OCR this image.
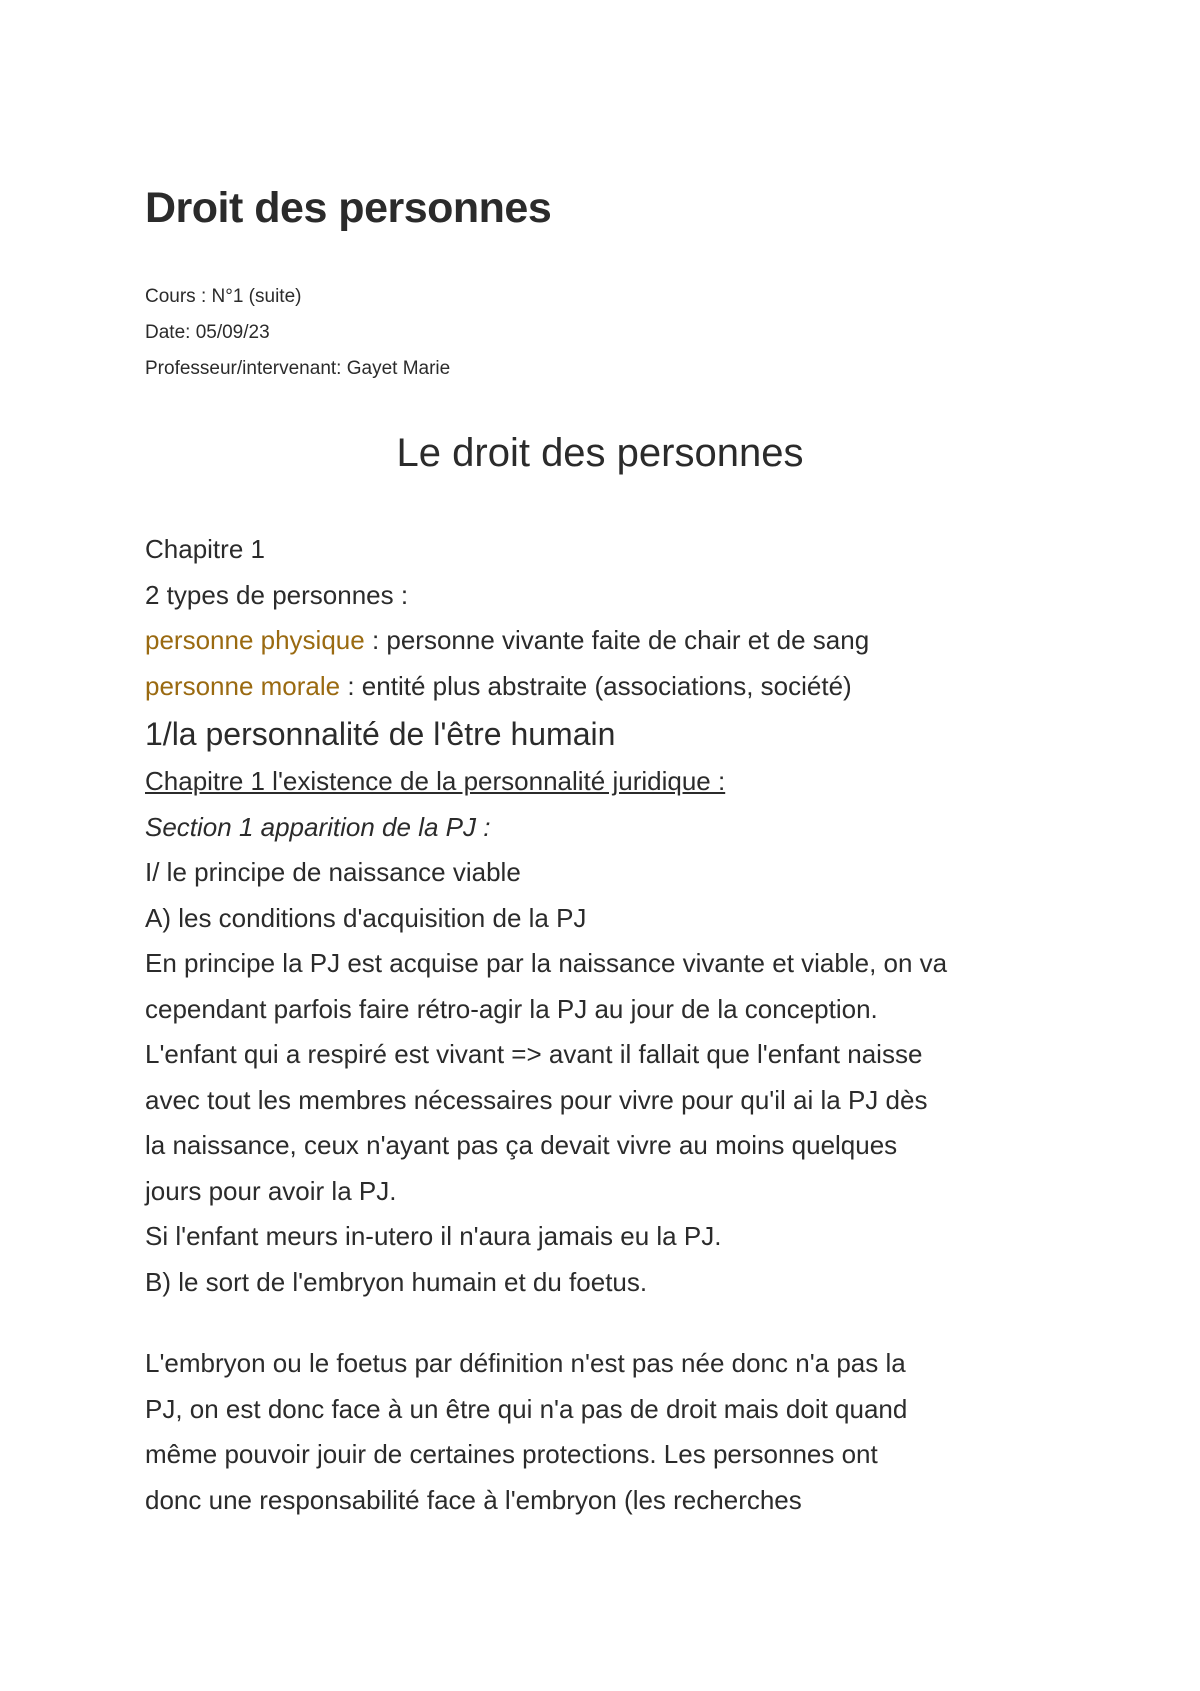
Droit des personnes
Cours : N°1 (suite)
Date: 05/09/23
Professeur/intervenant: Gayet Marie
Le droit des personnes
Chapitre 1
2 types de personnes :
personne physique : personne vivante faite de chair et de sang
personne morale : entité plus abstraite (associations, société)
1/la personnalité de l'être humain
Chapitre 1 l'existence de la personnalité juridique :
Section 1 apparition de la PJ :
I/ le principe de naissance viable
A) les conditions d'acquisition de la PJ
En principe la PJ est acquise par la naissance vivante et viable, on va
cependant parfois faire rétro-agir la PJ au jour de la conception.
L'enfant qui a respiré est vivant => avant il fallait que l'enfant naisse
avec tout les membres nécessaires pour vivre pour qu'il ai la PJ dès
la naissance, ceux n'ayant pas ça devait vivre au moins quelques
jours pour avoir la PJ.
Si l'enfant meurs in-utero il n'aura jamais eu la PJ.
B) le sort de l'embryon humain et du foetus.
L'embryon ou le foetus par définition n'est pas née donc n'a pas la
PJ, on est donc face à un être qui n'a pas de droit mais doit quand
même pouvoir jouir de certaines protections. Les personnes ont
donc une responsabilité face à l'embryon (les recherches
